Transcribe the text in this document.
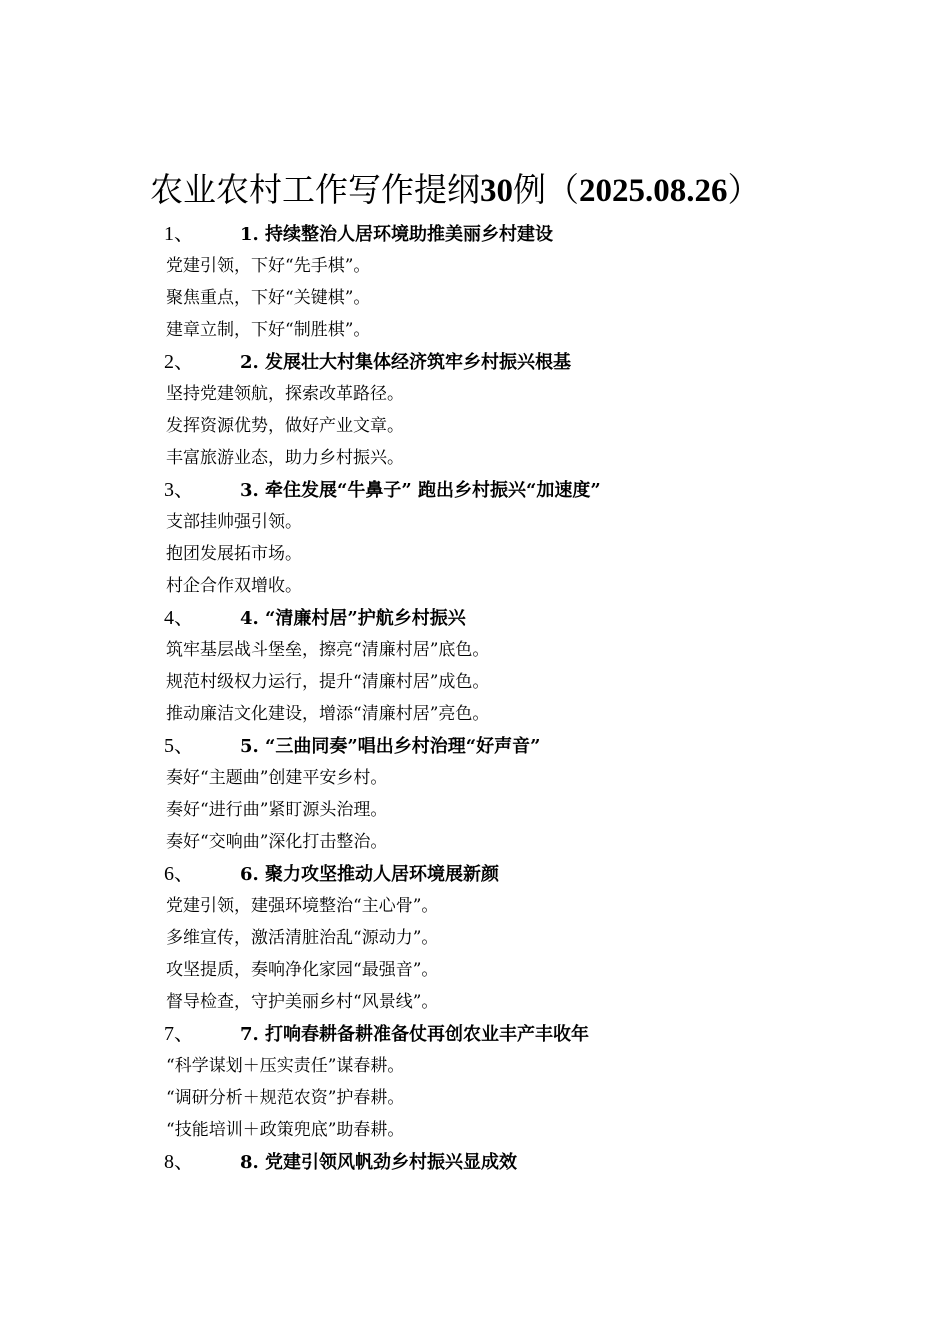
农业农村工作写作提纲30例（2025.08.26）
1、	1. 持续整治人居环境助推美丽乡村建设
党建引领，下好“先手棋”。
聚焦重点，下好“关键棋”。
建章立制，下好“制胜棋”。
2、	2. 发展壮大村集体经济筑牢乡村振兴根基
坚持党建领航，探索改革路径。
发挥资源优势，做好产业文章。
丰富旅游业态，助力乡村振兴。
3、	3. 牵住发展“牛鼻子” 跑出乡村振兴“加速度”
支部挂帅强引领。
抱团发展拓市场。
村企合作双增收。
4、	4. “清廉村居”护航乡村振兴
筑牢基层战斗堡垒，擦亮“清廉村居”底色。
规范村级权力运行，提升“清廉村居”成色。
推动廉洁文化建设，增添“清廉村居”亮色。
5、	5. “三曲同奏”唱出乡村治理“好声音”
奏好“主题曲”创建平安乡村。
奏好“进行曲”紧盯源头治理。
奏好“交响曲”深化打击整治。
6、	6. 聚力攻坚推动人居环境展新颜
党建引领，建强环境整治“主心骨”。
多维宣传，激活清脏治乱“源动力”。
攻坚提质，奏响净化家园“最强音”。
督导检查，守护美丽乡村“风景线”。
7、	7. 打响春耕备耕准备仗再创农业丰产丰收年
“科学谋划＋压实责任”谋春耕。
“调研分析＋规范农资”护春耕。
“技能培训＋政策兜底”助春耕。
8、	8. 党建引领风帆劲乡村振兴显成效
